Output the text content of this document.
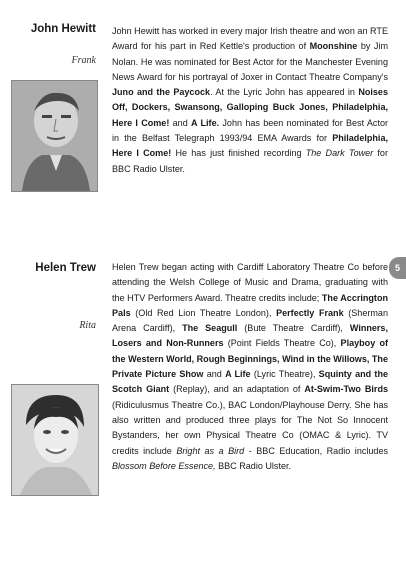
John Hewitt
Frank
John Hewitt has worked in every major Irish theatre and won an RTE Award for his part in Red Kettle's production of Moonshine by Jim Nolan. He was nominated for Best Actor for the Manchester Evening News Award for his portrayal of Joxer in Contact Theatre Company's Juno and the Paycock. At the Lyric John has appeared in Noises Off, Dockers, Swansong, Galloping Buck Jones, Philadelphia, Here I Come! and A Life. John has been nominated for Best Actor in the Belfast Telegraph 1993/94 EMA Awards for Philadelphia, Here I Come! He has just finished recording The Dark Tower for BBC Radio Ulster.
5
Helen Trew
Rita
Helen Trew began acting with Cardiff Laboratory Theatre Co before attending the Welsh College of Music and Drama, graduating with the HTV Performers Award. Theatre credits include; The Accrington Pals (Old Red Lion Theatre London), Perfectly Frank (Sherman Arena Cardiff), The Seagull (Bute Theatre Cardiff), Winners, Losers and Non-Runners (Point Fields Theatre Co), Playboy of the Western World, Rough Beginnings, Wind in the Willows, The Private Picture Show and A Life (Lyric Theatre), Squinty and the Scotch Giant (Replay), and an adaptation of At-Swim-Two Birds (Ridiculusmus Theatre Co.), BAC London/Playhouse Derry. She has also written and produced three plays for The Not So Innocent Bystanders, her own Physical Theatre Co (OMAC & Lyric). TV credits include Bright as a Bird - BBC Education, Radio includes Blossom Before Essence, BBC Radio Ulster.
